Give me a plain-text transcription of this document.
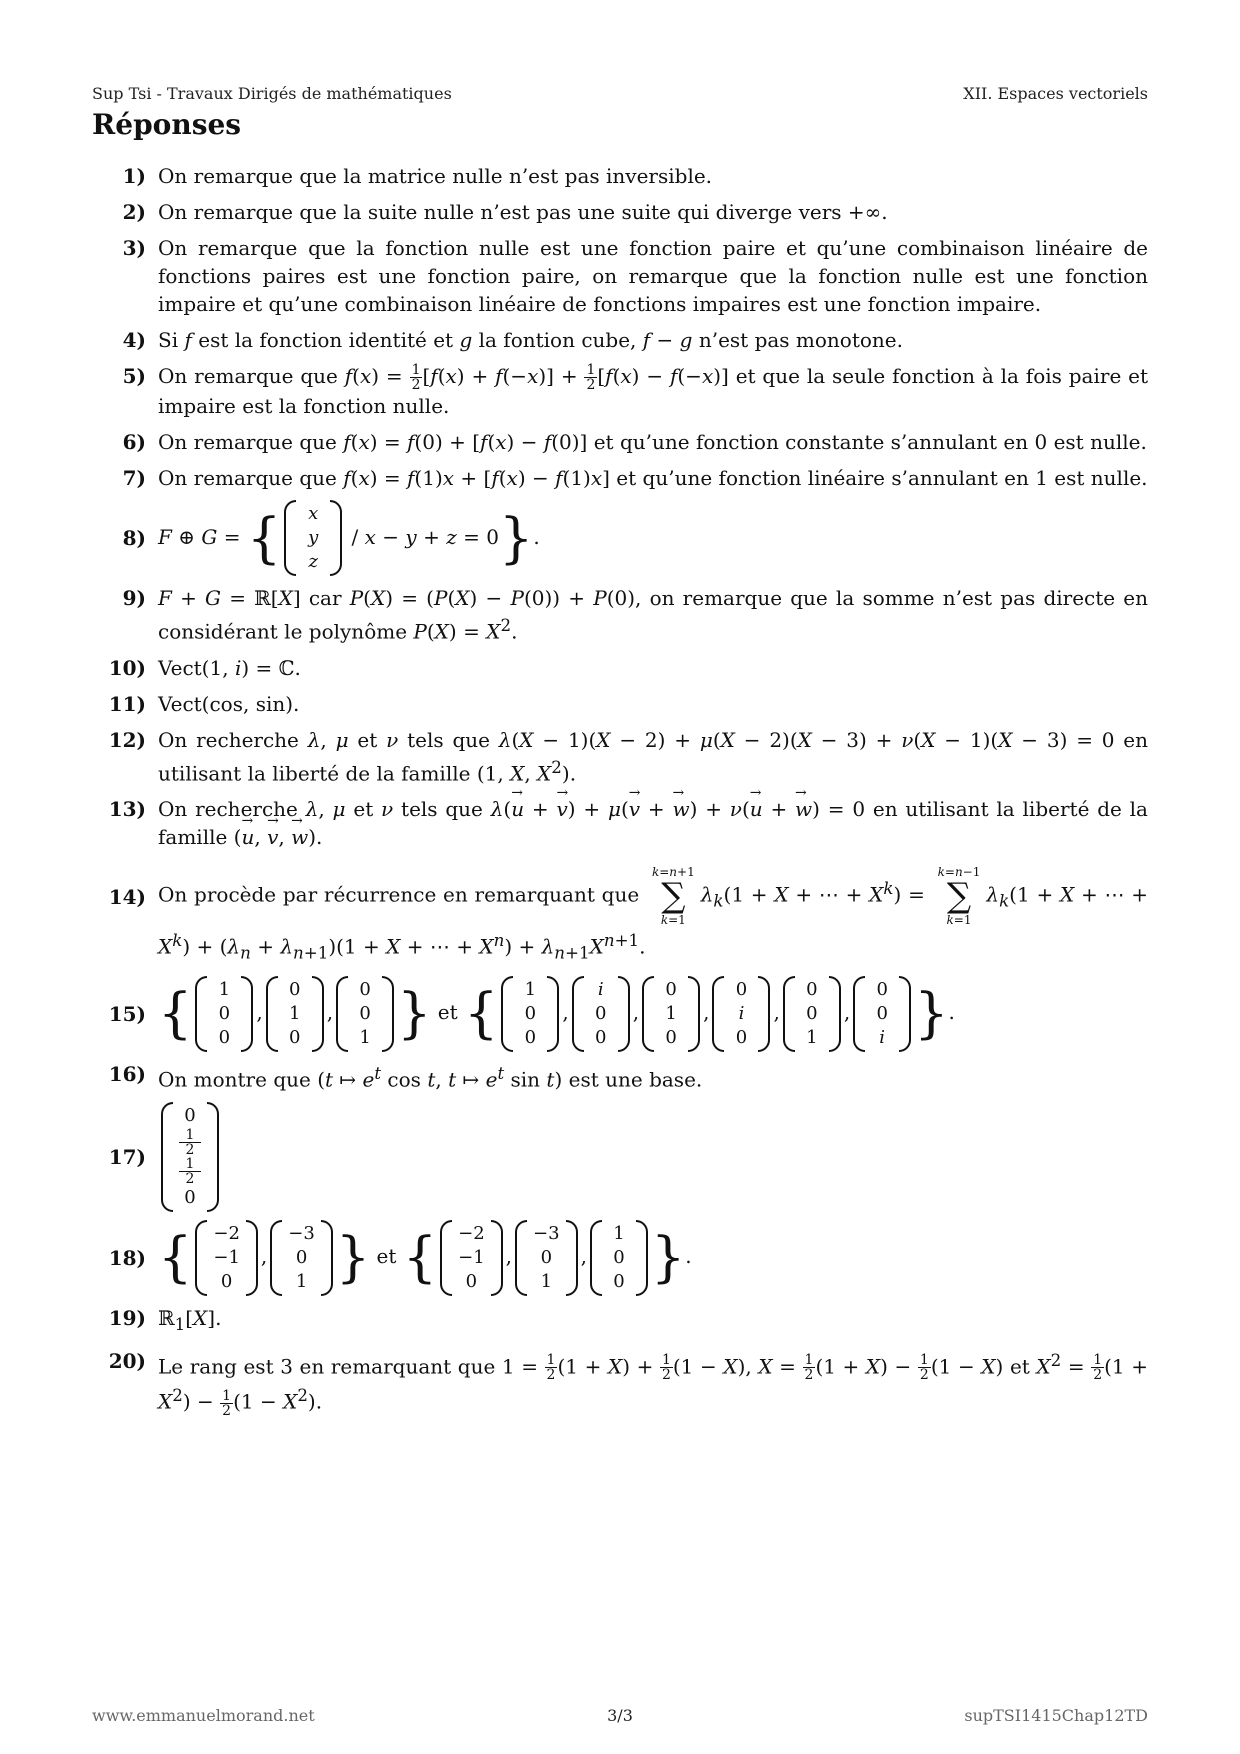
Sup Tsi - Travaux Dirigés de mathématiques	XII. Espaces vectoriels
Réponses
1) On remarque que la matrice nulle n’est pas inversible.
2) On remarque que la suite nulle n’est pas une suite qui diverge vers +∞.
3) On remarque que la fonction nulle est une fonction paire et qu’une combinaison linéaire de fonctions paires est une fonction paire, on remarque que la fonction nulle est une fonction impaire et qu’une combinaison linéaire de fonctions impaires est une fonction impaire.
4) Si f est la fonction identité et g la fontion cube, f − g n’est pas monotone.
5) On remarque que $f(x) = \frac{1}{2} [f(x) + f(-x)] + \frac{1}{2} [f(x) - f(-x)]$ et que la seule fonction à la fois paire et impaire est la fonction nulle.
6) On remarque que f(x) = f(0) + [f(x) − f(0)] et qu’une fonction constante s’annulant en 0 est nulle.
7) On remarque que f(x) = f(1)x + [f(x) − f(1)x] et qu’une fonction linéaire s’annulant en 1 est nulle.
8) F ⊕ G = {	x
y
z
/ x − y + z = 0}.
9) F + G = ℝ[X] car P(X) = (P(X) − P(0)) + P(0), on remarque que la somme n’est pas directe en considérant le polynôme $P(X) = X^2$.
10) Vect(1, i) = ℂ.
11) Vect(cos, sin).
12) On recherche λ, μ et ν tels que λ(X − 1)(X − 2) + μ(X − 2)(X − 3) + ν(X − 1)(X − 3) = 0 en utilisant la liberté de la famille (1, X, $X^2$).
13) On recherche λ, μ et ν tels que λ(→ u + → v) + μ(→ v + → w) + ν(→ u + → w) = 0 en utilisant la liberté de la famille (→ u, → v, → w).
14) On procède par récurrence en remarquant que
k=n+1
∑
k=1
$\lambda_k(1 + X$ + ⋯ + $X^k$) =
k=n−1
∑
k=1
$\lambda_k(1 + X$ + ⋯ + $X^k) + (\lambda_n + \lambda_{n+1})(1 + X$ + ⋯ + $X^n) + \lambda_{n+1}X^{n+1}$.
15) { 1
0
0
,
0
1
0
,
0
0
1 } et { 1
0
0
,
i
0
0
,
0
1
0
,
0
i
0
,
0
0
1
,
0
0
i }.
16) On montre que (t ↦ $e^t$ cos t, t ↦ $e^t$ sin t) est une base.
17)
0
$\frac{1}{2}$
$\frac{1}{2}$
0
18) { −2
−1
0
,
−3
0
1 } et { −2
−1
0
,
−3
0
1
,
1
0
0 }.
19) ℝ$_1$[X].
20) Le rang est 3 en remarquant que $1 = \frac{1}{2} (1 + X) + \frac{1}{2} (1 - X)$, $X = \frac{1}{2} (1 + X) - \frac{1}{2} (1 - X)$ et $X^2 = \frac{1}{2} (1 + X^2) - \frac{1}{2} (1 - X^2)$.
www.emmanuelmorand.net	3/3	supTSI1415Chap12TD
